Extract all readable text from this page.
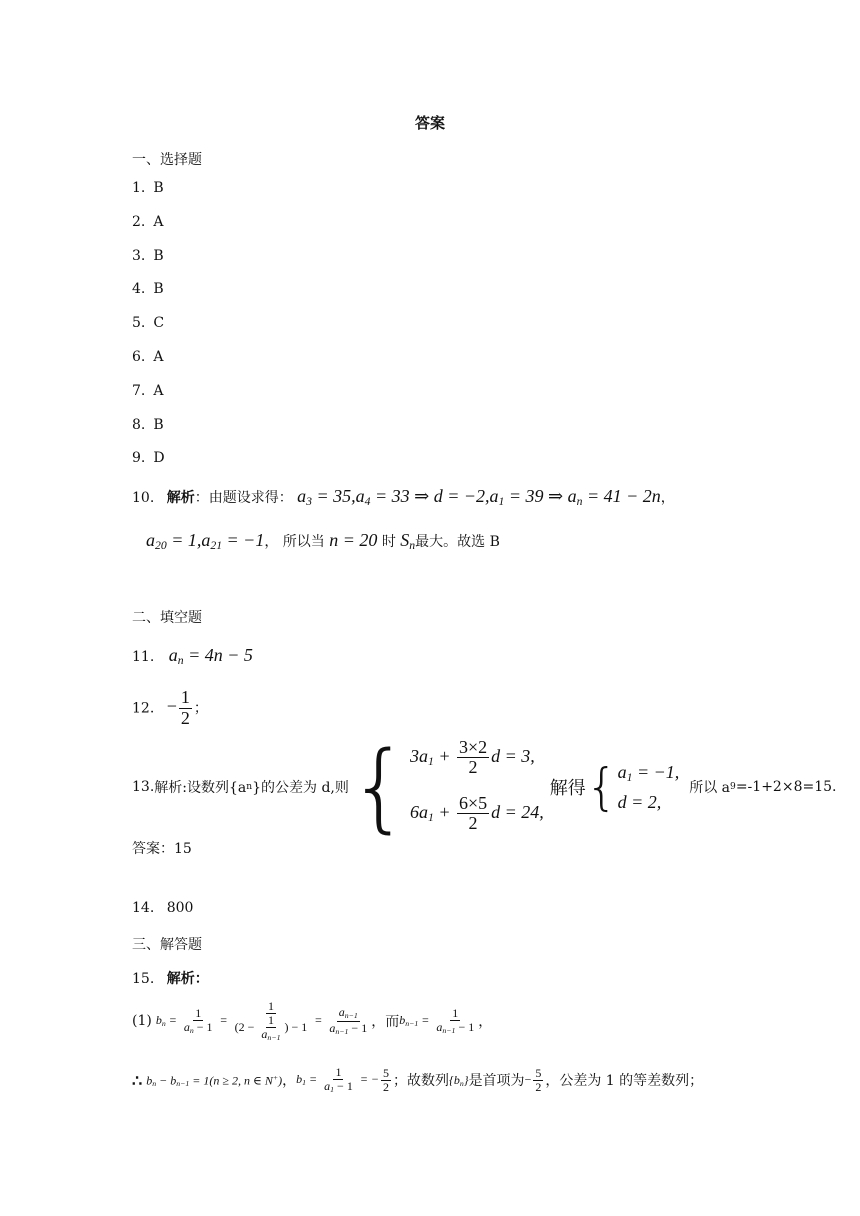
答案
一、选择题
1. B
2. A
3. B
4. B
5. C
6. A
7. A
8. B
9. D
10. 解析：由题设求得： $a_3 = 35,a_4 = 33$ ⇒ $d = -2,a_1 = 39$ ⇒ $a_n = 41 - 2n$，
$a_{20} = 1,a_{21} = -1$， 所以当 n = 20 时 $S_n$最大。故选 B
二、填空题
11. $a_n = 4n - 5$
12. − $\frac{1}{2}$ ；
13. 解析:设数列{a n }的公差为 d,则 { $3a_1 + \frac{3\times 2}{2}$ d = 3,
$6a_1 + \frac{6\times 5}{2}$ d = 24,
解得 { $a_1 = -1$,
d = 2,
所以 a 9 =-1+2×8=15.
答案：15
14. 800
三、解答题
15. 解析：
(1) $b_n = \frac{1}{a_n - 1} = \frac{1}{(2 - \frac{1}{a_{n-1}} ) - 1} = \frac{a_{n-1}}{a_{n-1} - 1}$ ，而 $b_{n-1} = \frac{1}{a_{n-1} - 1}$ ，
∴ $b_n - b_{n-1} = 1(n \ge 2$, n ∈ N+) ， $b_1 = \frac{1}{a_1 - 1}$ = − $\frac{5}{2}$ ；故数列 $\{b_n\}$ 是首项为 − $\frac{5}{2}$ ，公差为 1 的等差数列；
